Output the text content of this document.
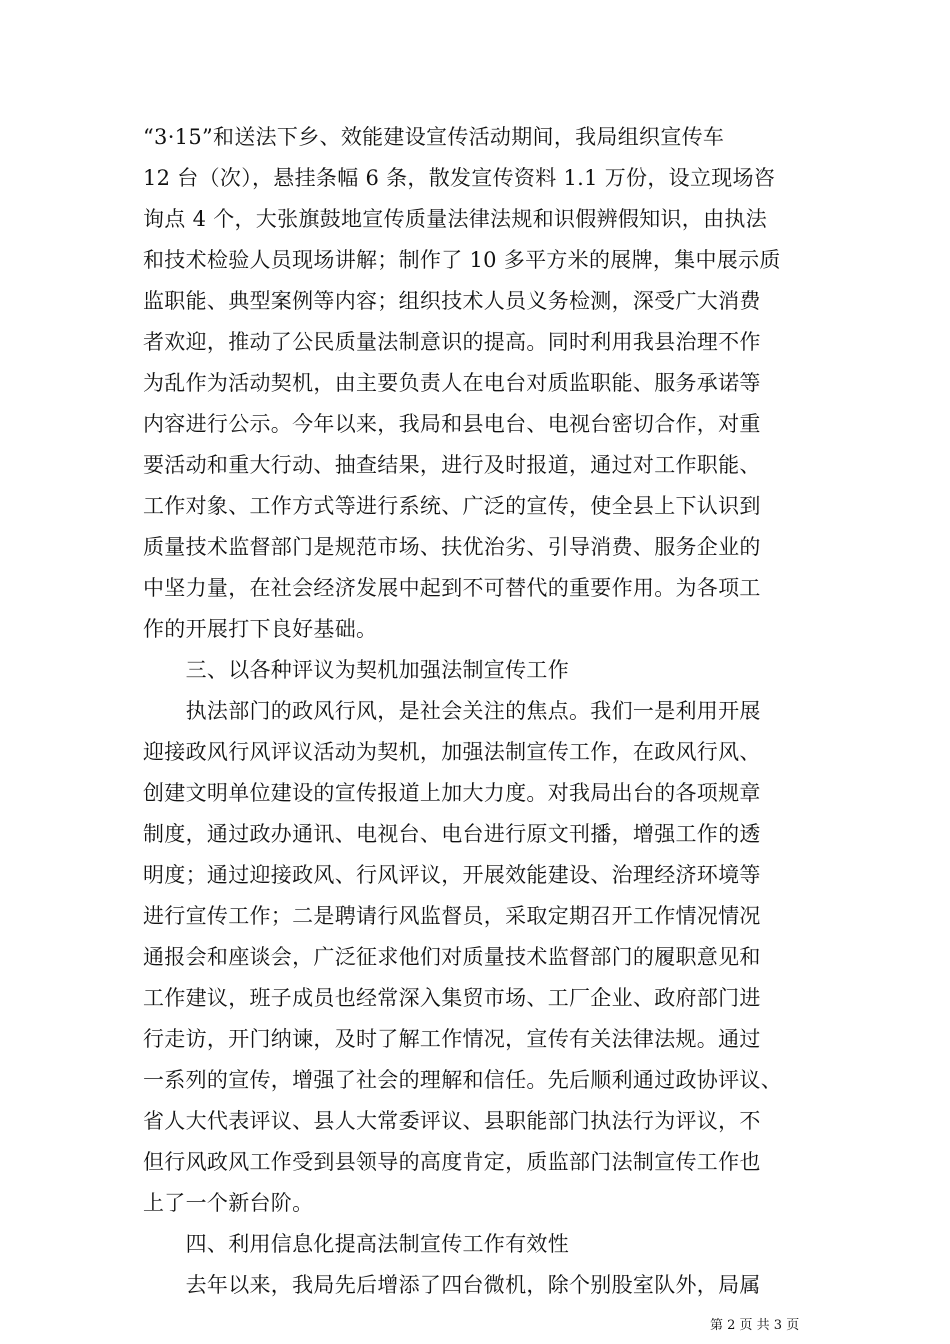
“3·15”和送法下乡、效能建设宣传活动期间，我局组织宣传车
12 台（次），悬挂条幅 6 条，散发宣传资料 1.1 万份，设立现场咨
询点 4 个，大张旗鼓地宣传质量法律法规和识假辨假知识，由执法
和技术检验人员现场讲解；制作了 10 多平方米的展牌，集中展示质
监职能、典型案例等内容；组织技术人员义务检测，深受广大消费
者欢迎，推动了公民质量法制意识的提高。同时利用我县治理不作
为乱作为活动契机，由主要负责人在电台对质监职能、服务承诺等
内容进行公示。今年以来，我局和县电台、电视台密切合作，对重
要活动和重大行动、抽查结果，进行及时报道，通过对工作职能、
工作对象、工作方式等进行系统、广泛的宣传，使全县上下认识到
质量技术监督部门是规范市场、扶优治劣、引导消费、服务企业的
中坚力量，在社会经济发展中起到不可替代的重要作用。为各项工
作的开展打下良好基础。
　　三、以各种评议为契机加强法制宣传工作
　　执法部门的政风行风，是社会关注的焦点。我们一是利用开展
迎接政风行风评议活动为契机，加强法制宣传工作，在政风行风、
创建文明单位建设的宣传报道上加大力度。对我局出台的各项规章
制度，通过政办通讯、电视台、电台进行原文刊播，增强工作的透
明度；通过迎接政风、行风评议，开展效能建设、治理经济环境等
进行宣传工作；二是聘请行风监督员，采取定期召开工作情况情况
通报会和座谈会，广泛征求他们对质量技术监督部门的履职意见和
工作建议，班子成员也经常深入集贸市场、工厂企业、政府部门进
行走访，开门纳谏，及时了解工作情况，宣传有关法律法规。通过
一系列的宣传，增强了社会的理解和信任。先后顺利通过政协评议、
省人大代表评议、县人大常委评议、县职能部门执法行为评议，不
但行风政风工作受到县领导的高度肯定，质监部门法制宣传工作也
上了一个新台阶。
　　四、利用信息化提高法制宣传工作有效性
　　去年以来，我局先后增添了四台微机，除个别股室队外，局属
第 2 页 共 3 页
